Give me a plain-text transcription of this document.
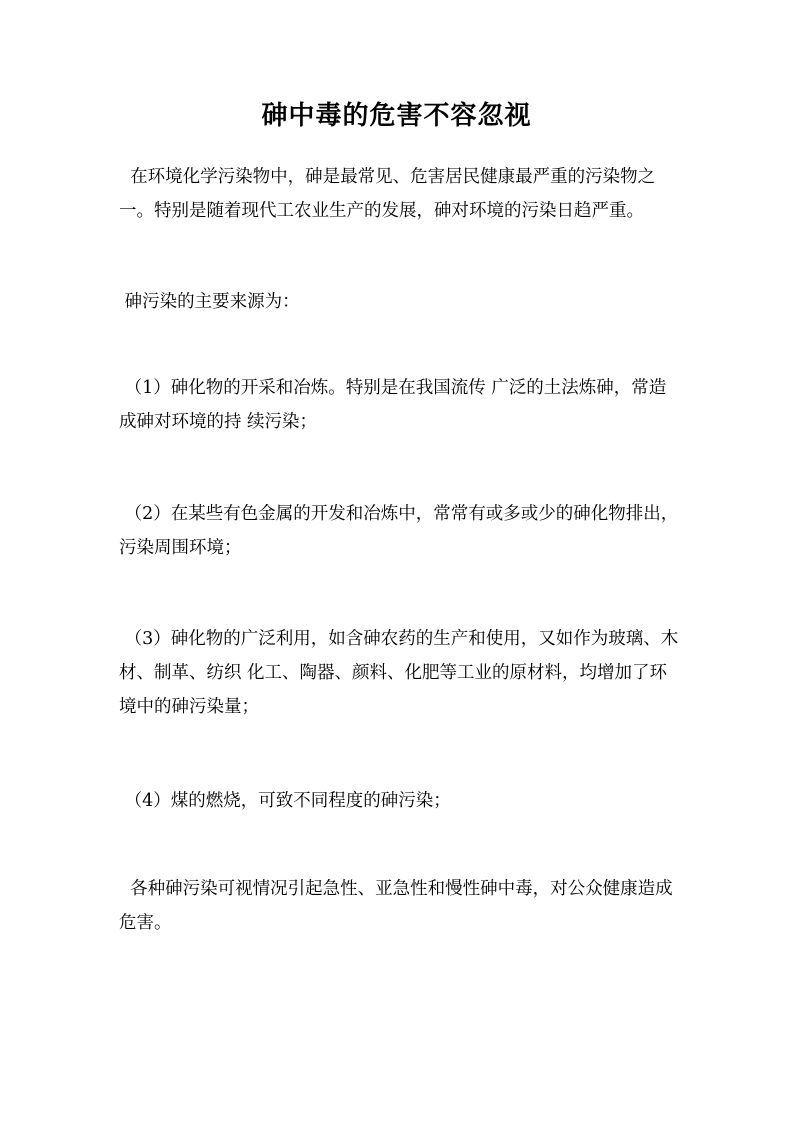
砷中毒的危害不容忽视
在环境化学污染物中，砷是最常见、危害居民健康最严重的污染物之一。特别是随着现代工农业生产的发展，砷对环境的污染日趋严重。
砷污染的主要来源为：
（1）砷化物的开采和冶炼。特别是在我国流传 广泛的土法炼砷，常造成砷对环境的持 续污染；
（2）在某些有色金属的开发和冶炼中，常常有或多或少的砷化物排出，污染周围环境；
（3）砷化物的广泛利用，如含砷农药的生产和使用，又如作为玻璃、木材、制革、纺织 化工、陶器、颜料、化肥等工业的原材料，均增加了环境中的砷污染量；
（4）煤的燃烧，可致不同程度的砷污染；
各种砷污染可视情况引起急性、亚急性和慢性砷中毒，对公众健康造成危害。
